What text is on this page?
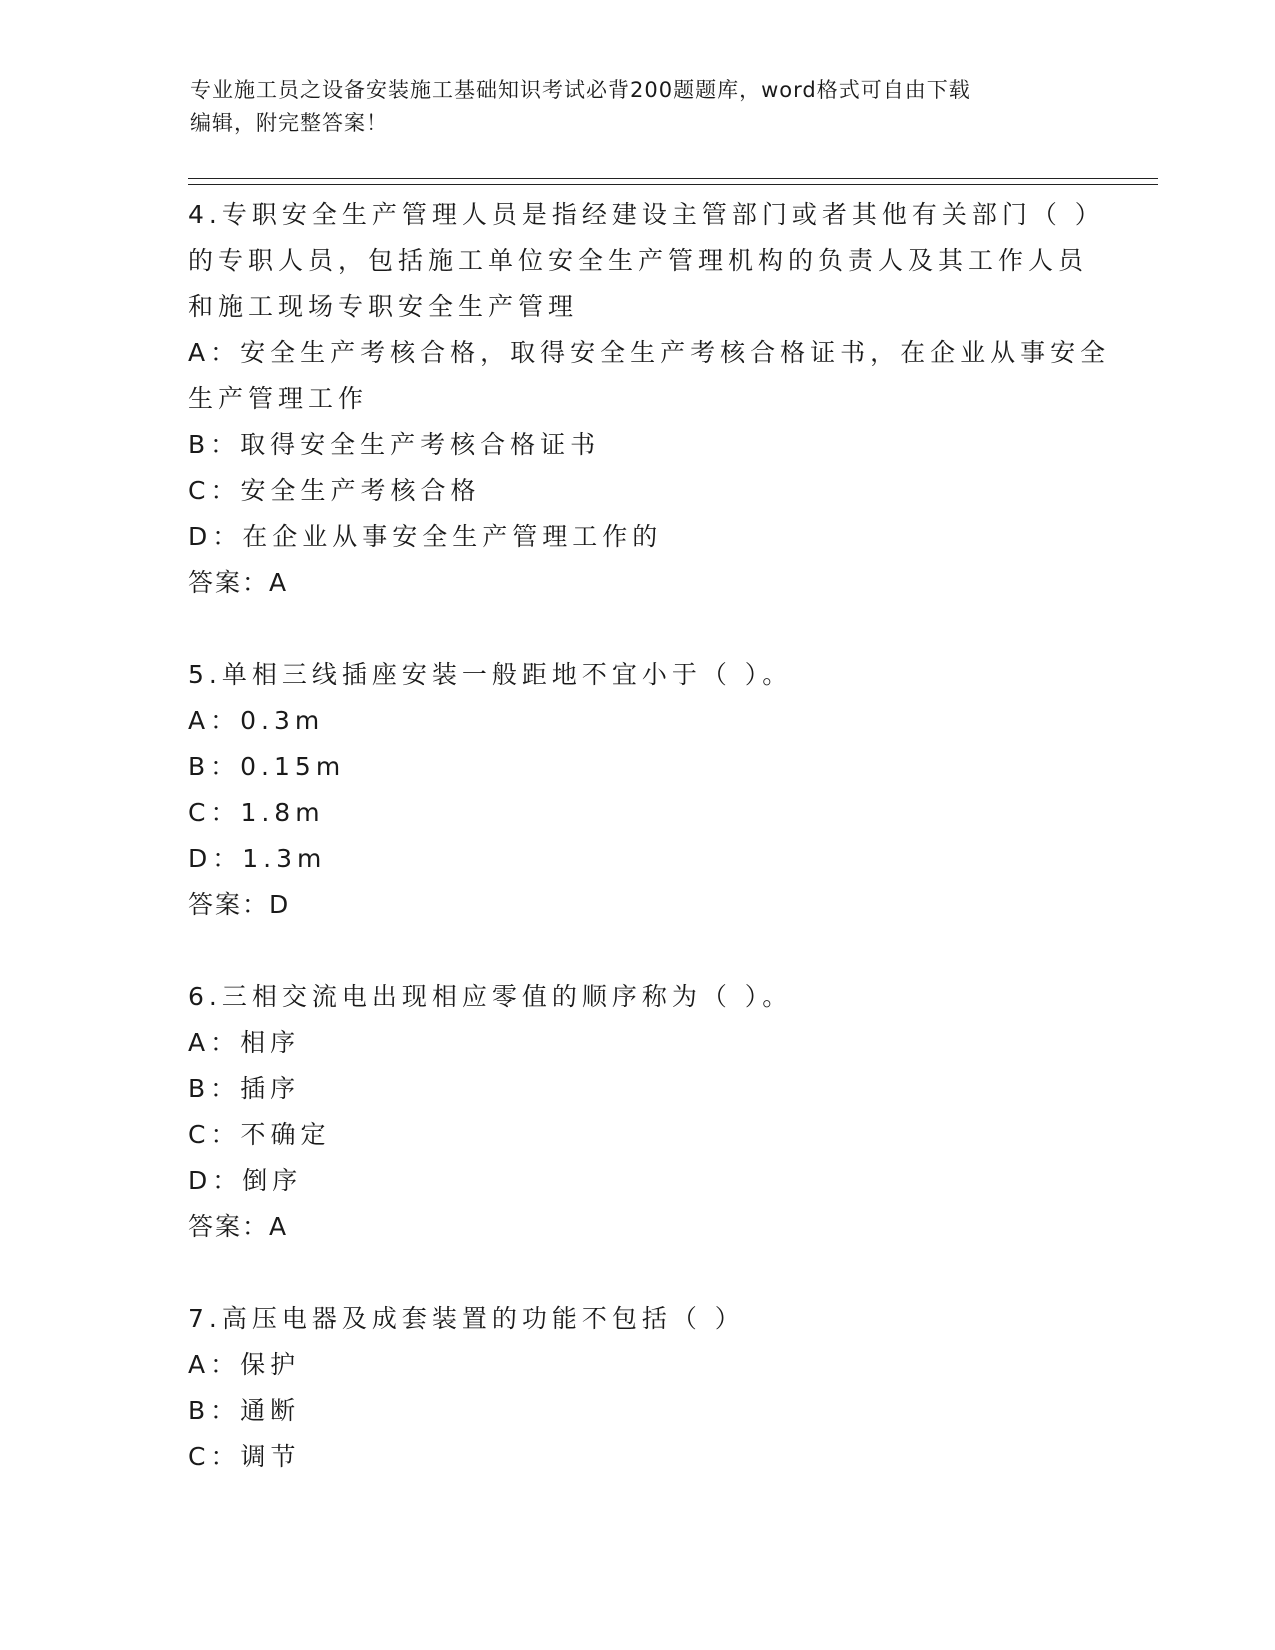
专业施工员之设备安装施工基础知识考试必背200题题库，word格式可自由下载
编辑，附完整答案！
4.专职安全生产管理人员是指经建设主管部门或者其他有关部门（ ）
的专职人员，包括施工单位安全生产管理机构的负责人及其工作人员
和施工现场专职安全生产管理
A：安全生产考核合格，取得安全生产考核合格证书，在企业从事安全
生产管理工作
B：取得安全生产考核合格证书
C：安全生产考核合格
D：在企业从事安全生产管理工作的
答案：A
5.单相三线插座安装一般距地不宜小于（ ）。
A：0.3m
B：0.15m
C：1.8m
D：1.3m
答案：D
6.三相交流电出现相应零值的顺序称为（ ）。
A：相序
B：插序
C：不确定
D：倒序
答案：A
7.高压电器及成套装置的功能不包括（ ）
A：保护
B：通断
C：调节
